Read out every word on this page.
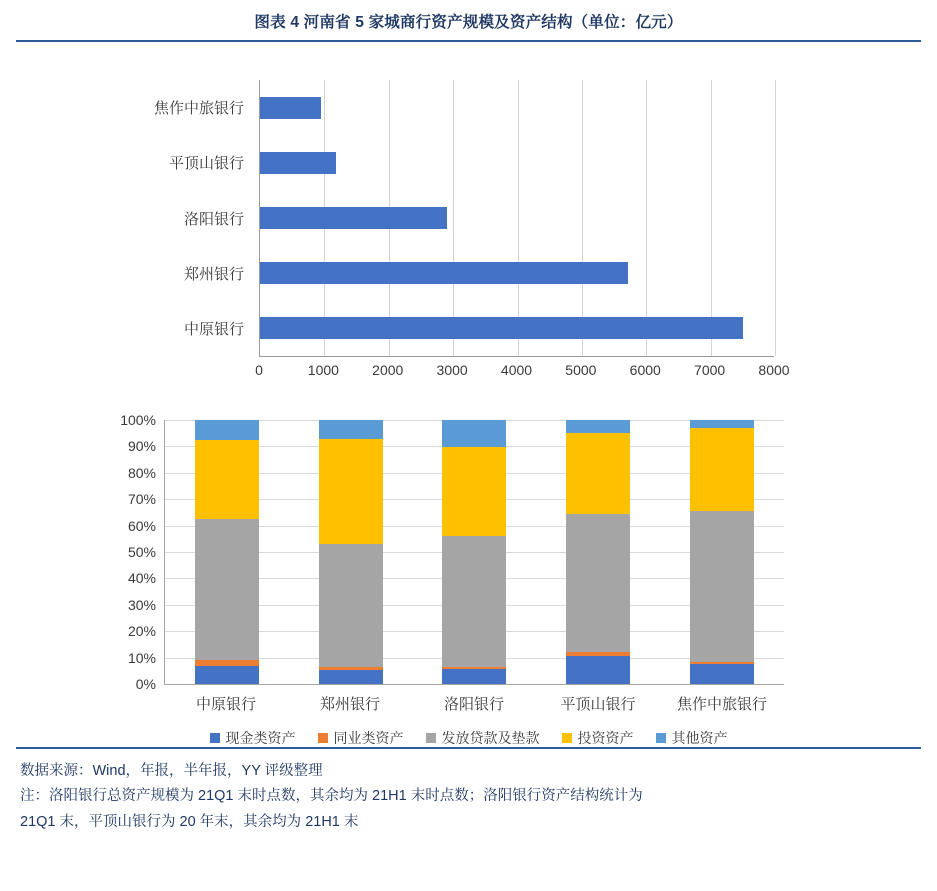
图表 4 河南省 5 家城商行资产规模及资产结构（单位：亿元）
焦作中旅银行
平顶山银行
洛阳银行
郑州银行
中原银行
0	1000 2000 3000 4000 5000 6000 7000 8000
0%
10%
20%
30%
40%
50%
60%
70%
80%
90%
100%
中原银行	郑州银行	洛阳银行	平顶山银行	焦作中旅银行
现金类资产	同业类资产	发放贷款及垫款	投资资产	其他资产
数据来源：Wind，年报，半年报，YY 评级整理
注：洛阳银行总资产规模为 21Q1 末时点数，其余均为 21H1 末时点数；洛阳银行资产结构统计为
21Q1 末，平顶山银行为 20 年末，其余均为 21H1 末
